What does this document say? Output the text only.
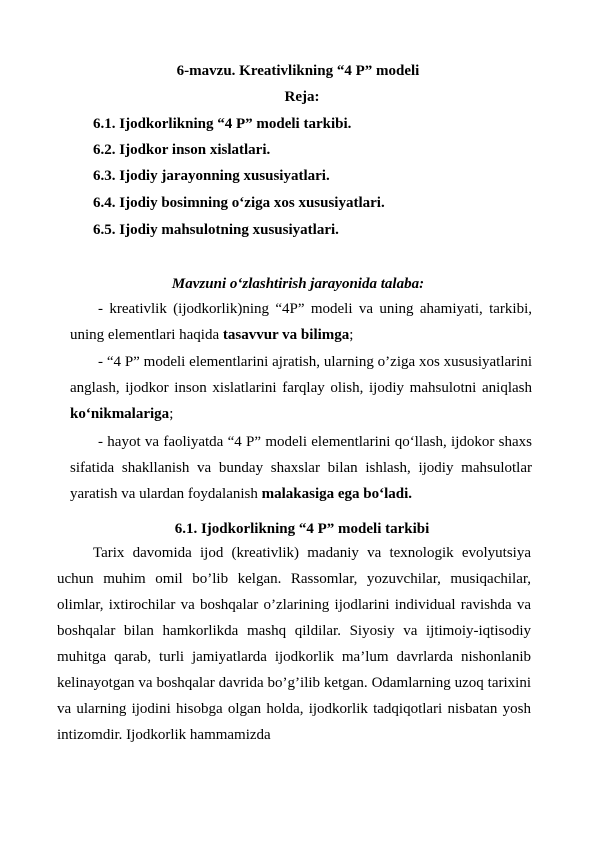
6-mavzu. Kreativlikning “4 P” modeli
Reja:
6.1. Ijodkorlikning “4 P” modeli tarkibi.
6.2. Ijodkor inson xislatlari.
6.3. Ijodiy jarayonning xususiyatlari.
6.4. Ijodiy bosimning o‘ziga xos xususiyatlari.
6.5. Ijodiy mahsulotning xususiyatlari.
Mavzuni o‘zlashtirish jarayonida talaba:
- kreativlik (ijodkorlik)ning “4P” modeli va uning ahamiyati, tarkibi, uning elementlari haqida tasavvur va bilimga;
- “4 P” modeli elementlarini ajratish, ularning o’ziga xos xususiyatlarini anglash, ijodkor inson xislatlarini farqlay olish, ijodiy mahsulotni aniqlash ko‘nikmalariga;
- hayot va faoliyatda “4 P” modeli elementlarini qo‘llash, ijdokor shaxs sifatida shakllanish va bunday shaxslar bilan ishlash, ijodiy mahsulotlar yaratish va ulardan foydalanish malakasiga ega bo‘ladi.
6.1. Ijodkorlikning “4 P” modeli tarkibi
Tarix davomida ijod (kreativlik) madaniy va texnologik evolyutsiya uchun muhim omil bo’lib kelgan. Rassomlar, yozuvchilar, musiqachilar, olimlar, ixtirochilar va boshqalar o’zlarining ijodlarini individual ravishda va boshqalar bilan hamkorlikda mashq qildilar. Siyosiy va ijtimoiy-iqtisodiy muhitga qarab, turli jamiyatlarda ijodkorlik ma’lum davrlarda nishonlanib kelinayotgan va boshqalar davrida bo’g’ilib ketgan. Odamlarning uzoq tarixini va ularning ijodini hisobga olgan holda, ijodkorlik tadqiqotlari nisbatan yosh intizomdir. Ijodkorlik hammamizda
